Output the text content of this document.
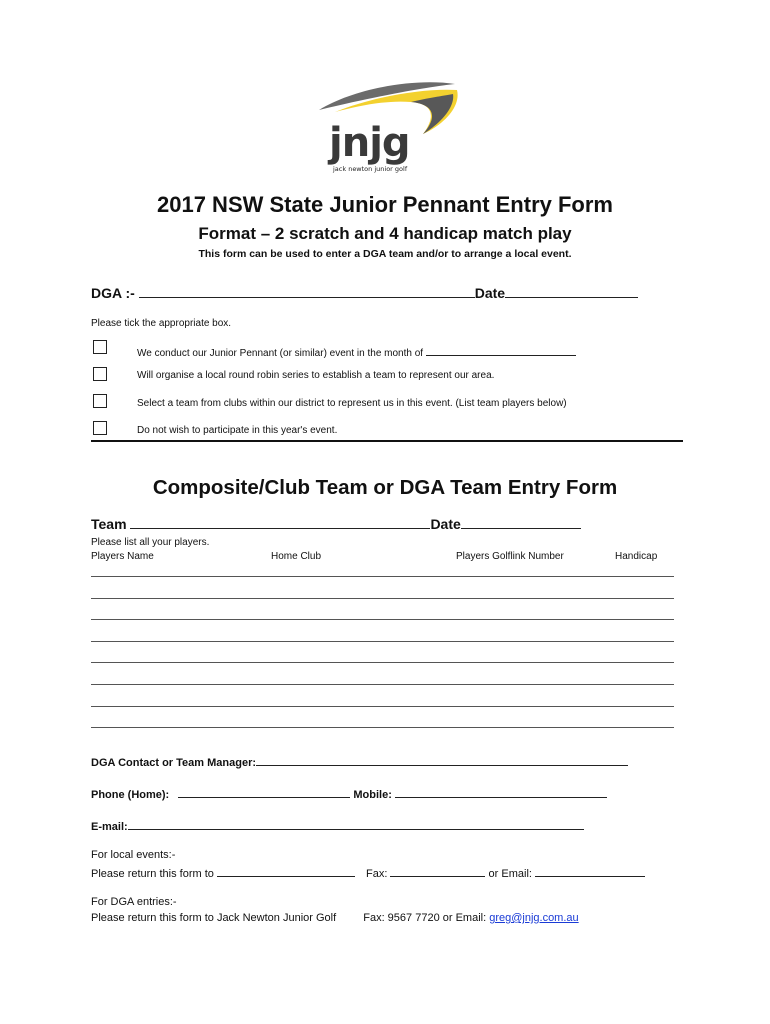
jnjg
jack newton junior golf
2017 NSW State Junior Pennant Entry Form
Format – 2 scratch and 4 handicap match play
This form can be used to enter a DGA team and/or to arrange a local event.
DGA :-	Date
Please tick the appropriate box.
We conduct our Junior Pennant (or similar) event in the month of
Will organise a local round robin series to establish a team to represent our area.
Select a team from clubs within our district to represent us in this event. (List team players below)
Do not wish to participate in this year's event.
Composite/Club Team or DGA Team Entry Form
Team	Date
Please list all your players.
Players Name	Home Club	Players Golflink Number	Handicap
DGA Contact or Team Manager:
Phone (Home):	Mobile:
E-mail:
For local events:-
Please return this form to	Fax:	or Email:
For DGA entries:-
Please return this form to Jack Newton Junior Golf Fax: 9567 7720 or Email: greg@jnjg.com.au
